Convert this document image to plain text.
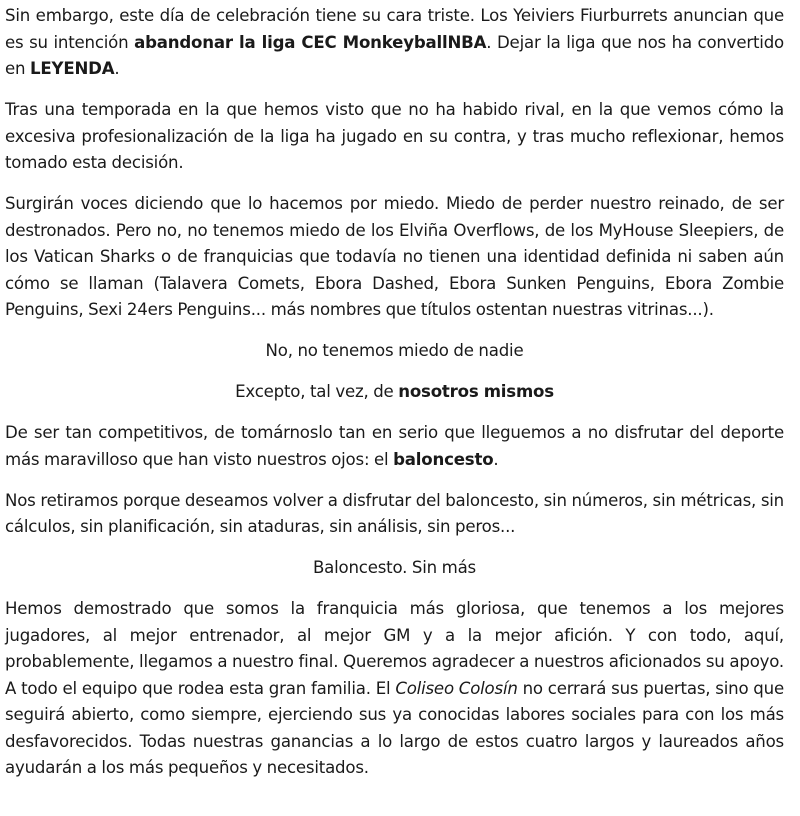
Sin embargo, este día de celebración tiene su cara triste. Los Yeiviers Fiurburrets anuncian que es su intención abandonar la liga CEC MonkeyballNBA. Dejar la liga que nos ha convertido en LEYENDA.

Tras una temporada en la que hemos visto que no ha habido rival, en la que vemos cómo la excesiva profesionalización de la liga ha jugado en su contra, y tras mucho reflexionar, hemos tomado esta decisión.

Surgirán voces diciendo que lo hacemos por miedo. Miedo de perder nuestro reinado, de ser destronados. Pero no, no tenemos miedo de los Elviña Overflows, de los MyHouse Sleepiers, de los Vatican Sharks o de franquicias que todavía no tienen una identidad definida ni saben aún cómo se llaman (Talavera Comets, Ebora Dashed, Ebora Sunken Penguins, Ebora Zombie Penguins, Sexi 24ers Penguins... más nombres que títulos ostentan nuestras vitrinas...).

No, no tenemos miedo de nadie

Excepto, tal vez, de nosotros mismos

De ser tan competitivos, de tomárnoslo tan en serio que lleguemos a no disfrutar del deporte más maravilloso que han visto nuestros ojos: el baloncesto.

Nos retiramos porque deseamos volver a disfrutar del baloncesto, sin números, sin métricas, sin cálculos, sin planificación, sin ataduras, sin análisis, sin peros...

Baloncesto. Sin más

Hemos demostrado que somos la franquicia más gloriosa, que tenemos a los mejores jugadores, al mejor entrenador, al mejor GM y a la mejor afición. Y con todo, aquí, probablemente, llegamos a nuestro final. Queremos agradecer a nuestros aficionados su apoyo. A todo el equipo que rodea esta gran familia. El Coliseo Colosín no cerrará sus puertas, sino que seguirá abierto, como siempre, ejerciendo sus ya conocidas labores sociales para con los más desfavorecidos. Todas nuestras ganancias a lo largo de estos cuatro largos y laureados años ayudarán a los más pequeños y necesitados.
